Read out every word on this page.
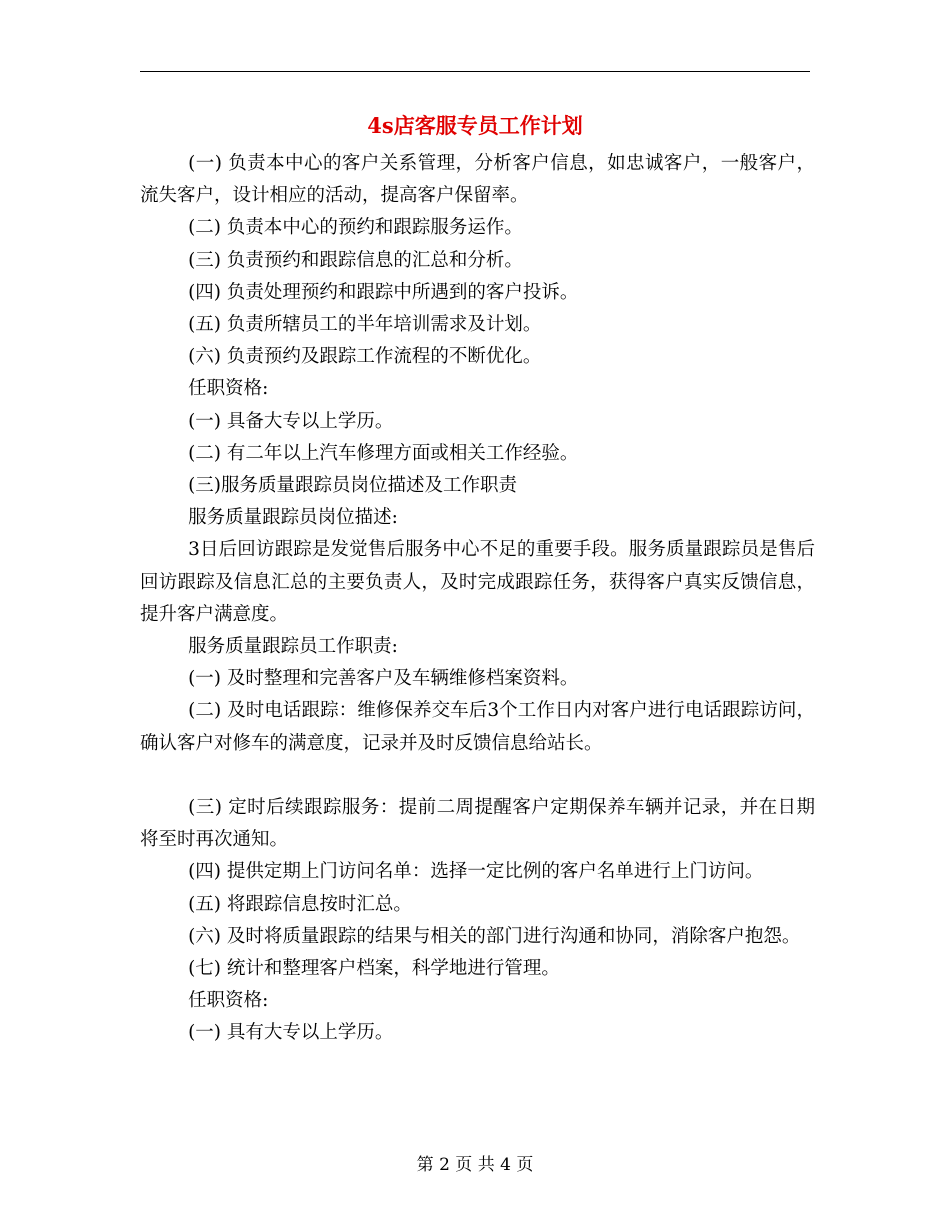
4s店客服专员工作计划

(一) 负责本中心的客户关系管理，分析客户信息，如忠诚客户，一般客户，流失客户，设计相应的活动，提高客户保留率。

(二) 负责本中心的预约和跟踪服务运作。

(三) 负责预约和跟踪信息的汇总和分析。

(四) 负责处理预约和跟踪中所遇到的客户投诉。

(五) 负责所辖员工的半年培训需求及计划。

(六) 负责预约及跟踪工作流程的不断优化。

任职资格:

(一) 具备大专以上学历。

(二) 有二年以上汽车修理方面或相关工作经验。

(三)服务质量跟踪员岗位描述及工作职责

服务质量跟踪员岗位描述:

3日后回访跟踪是发觉售后服务中心不足的重要手段。服务质量跟踪员是售后回访跟踪及信息汇总的主要负责人，及时完成跟踪任务，获得客户真实反馈信息，提升客户满意度。

服务质量跟踪员工作职责:

(一) 及时整理和完善客户及车辆维修档案资料。

(二) 及时电话跟踪：维修保养交车后3个工作日内对客户进行电话跟踪访问，确认客户对修车的满意度，记录并及时反馈信息给站长。

(三) 定时后续跟踪服务：提前二周提醒客户定期保养车辆并记录，并在日期将至时再次通知。

(四) 提供定期上门访问名单：选择一定比例的客户名单进行上门访问。

(五) 将跟踪信息按时汇总。

(六) 及时将质量跟踪的结果与相关的部门进行沟通和协同，消除客户抱怨。

(七) 统计和整理客户档案，科学地进行管理。

任职资格:

(一) 具有大专以上学历。

第 2 页 共 4 页
